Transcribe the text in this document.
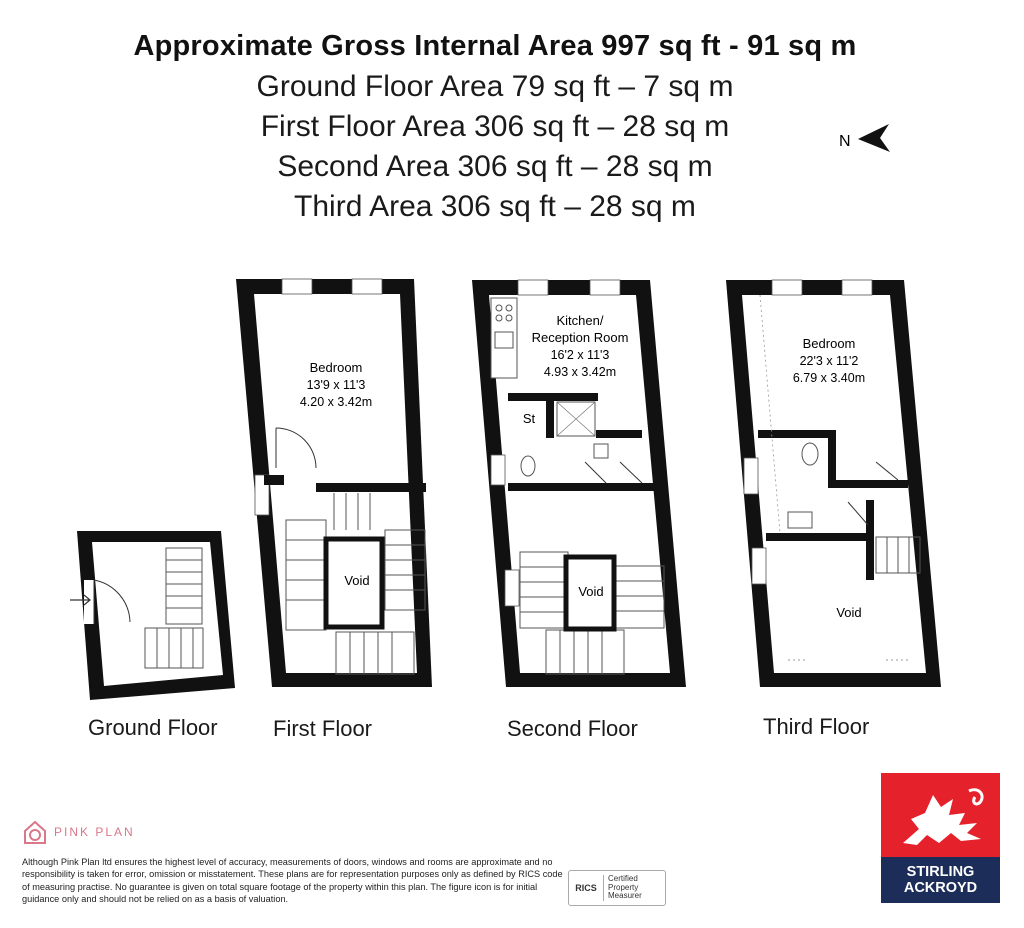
Approximate Gross Internal Area 997 sq ft - 91 sq m
Ground Floor Area 79 sq ft – 7 sq m
First Floor Area 306 sq ft – 28 sq m
Second Area 306 sq ft – 28 sq m
Third Area 306 sq ft – 28 sq m
N
Void
Bedroom
13'9 x 11'3
4.20 x 3.42m
St
Void
Kitchen/
Reception Room
16'2 x 11'3
4.93 x 3.42m
Void
Bedroom
22'3 x 11'2
6.79 x 3.40m
Ground Floor	First Floor	Second Floor	Third Floor
PINK PLAN
Although Pink Plan ltd ensures the highest level of accuracy, measurements of doors, windows and rooms are approximate and no responsibility is taken for error, omission or misstatement. These plans are for representation purposes only as defined by RICS code of measuring practise. No guarantee is given on total square footage of the property within this plan. The figure icon is for initial guidance only and should not be relied on as a basis of valuation.
RICS
Certified
Property
Measurer
STIRLING
ACKROYD
